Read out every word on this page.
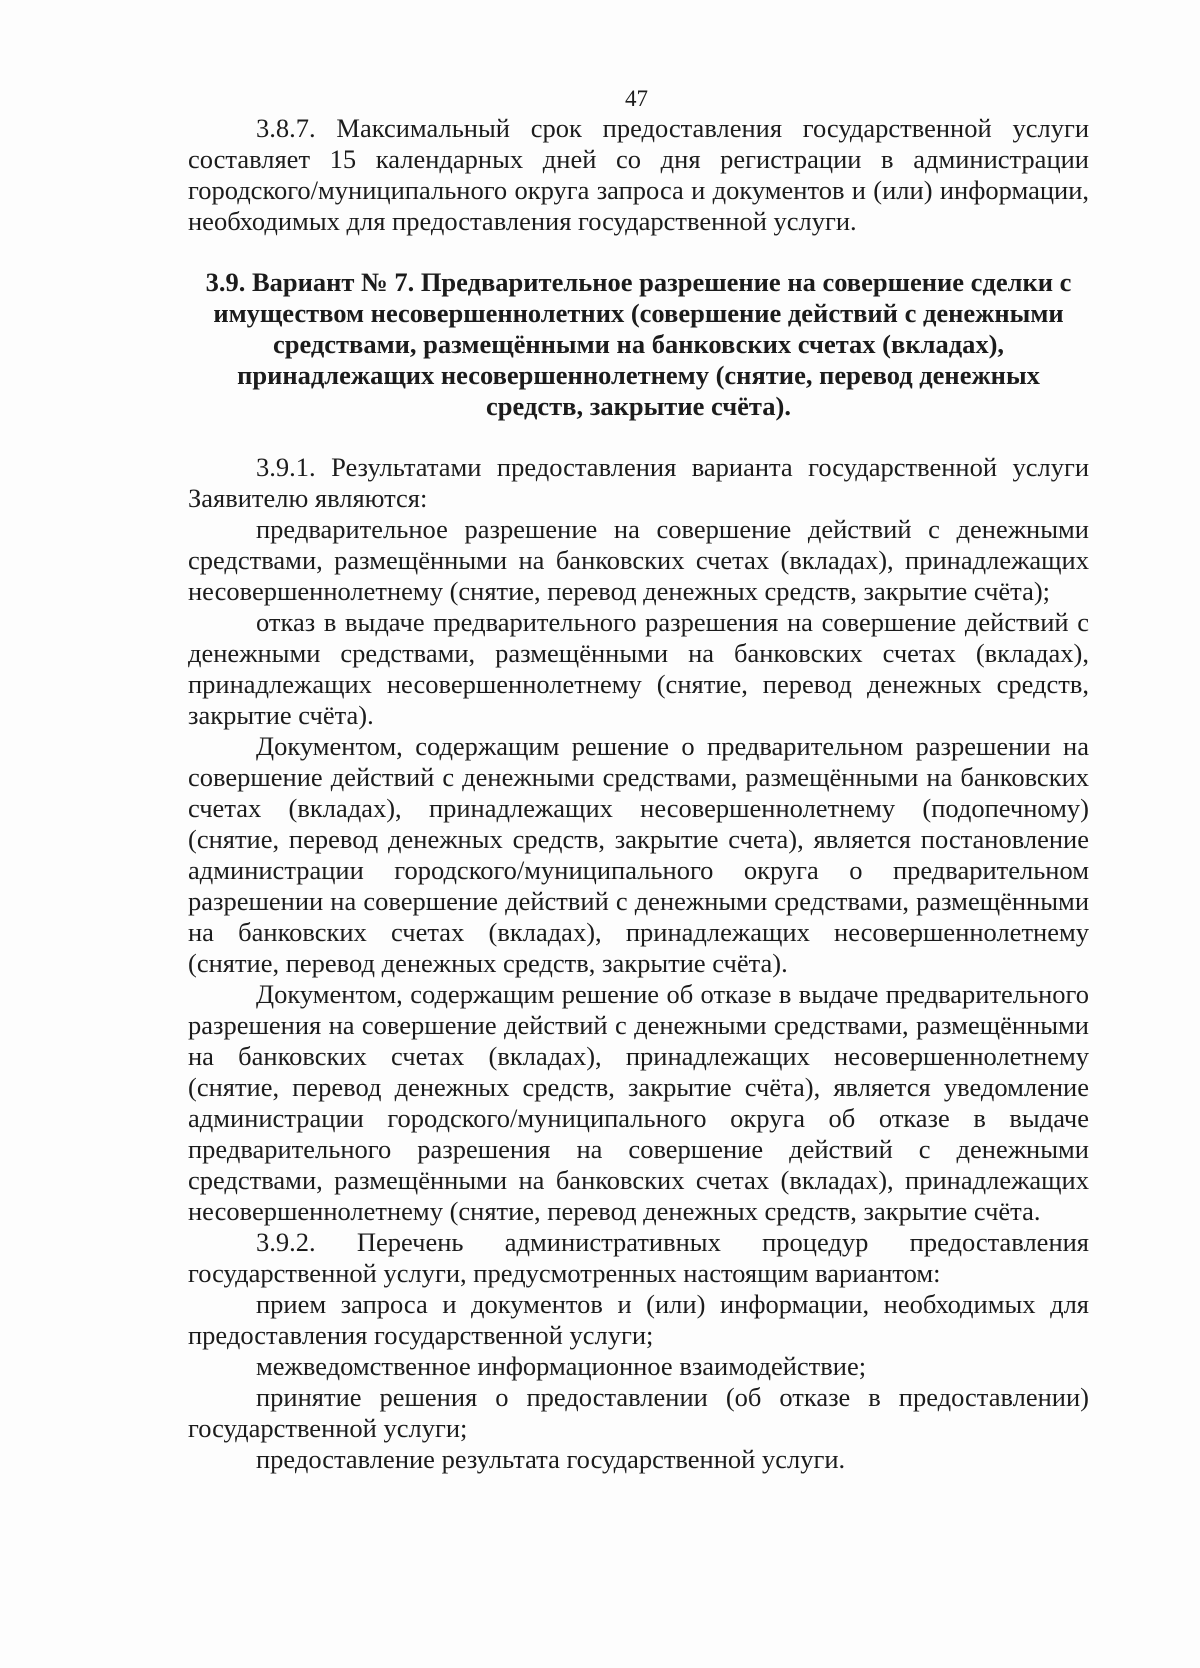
47

3.8.7. Максимальный срок предоставления государственной услуги составляет 15 календарных дней со дня регистрации в администрации городского/муниципального округа запроса и документов и (или) информации, необходимых для предоставления государственной услуги.

3.9. Вариант № 7. Предварительное разрешение на совершение сделки с имуществом несовершеннолетних (совершение действий с денежными средствами, размещёнными на банковских счетах (вкладах), принадлежащих несовершеннолетнему (снятие, перевод денежных средств, закрытие счёта).

3.9.1. Результатами предоставления варианта государственной услуги Заявителю являются:

предварительное разрешение на совершение действий с денежными средствами, размещёнными на банковских счетах (вкладах), принадлежащих несовершеннолетнему (снятие, перевод денежных средств, закрытие счёта);

отказ в выдаче предварительного разрешения на совершение действий с денежными средствами, размещёнными на банковских счетах (вкладах), принадлежащих несовершеннолетнему (снятие, перевод денежных средств, закрытие счёта).

Документом, содержащим решение о предварительном разрешении на совершение действий с денежными средствами, размещёнными на банковских счетах (вкладах), принадлежащих несовершеннолетнему (подопечному) (снятие, перевод денежных средств, закрытие счета), является постановление администрации городского/муниципального округа о предварительном разрешении на совершение действий с денежными средствами, размещёнными на банковских счетах (вкладах), принадлежащих несовершеннолетнему (снятие, перевод денежных средств, закрытие счёта).

Документом, содержащим решение об отказе в выдаче предварительного разрешения на совершение действий с денежными средствами, размещёнными на банковских счетах (вкладах), принадлежащих несовершеннолетнему (снятие, перевод денежных средств, закрытие счёта), является уведомление администрации городского/муниципального округа об отказе в выдаче предварительного разрешения на совершение действий с денежными средствами, размещёнными на банковских счетах (вкладах), принадлежащих несовершеннолетнему (снятие, перевод денежных средств, закрытие счёта.

3.9.2. Перечень административных процедур предоставления государственной услуги, предусмотренных настоящим вариантом:

прием запроса и документов и (или) информации, необходимых для предоставления государственной услуги;

межведомственное информационное взаимодействие;

принятие решения о предоставлении (об отказе в предоставлении) государственной услуги;

предоставление результата государственной услуги.
